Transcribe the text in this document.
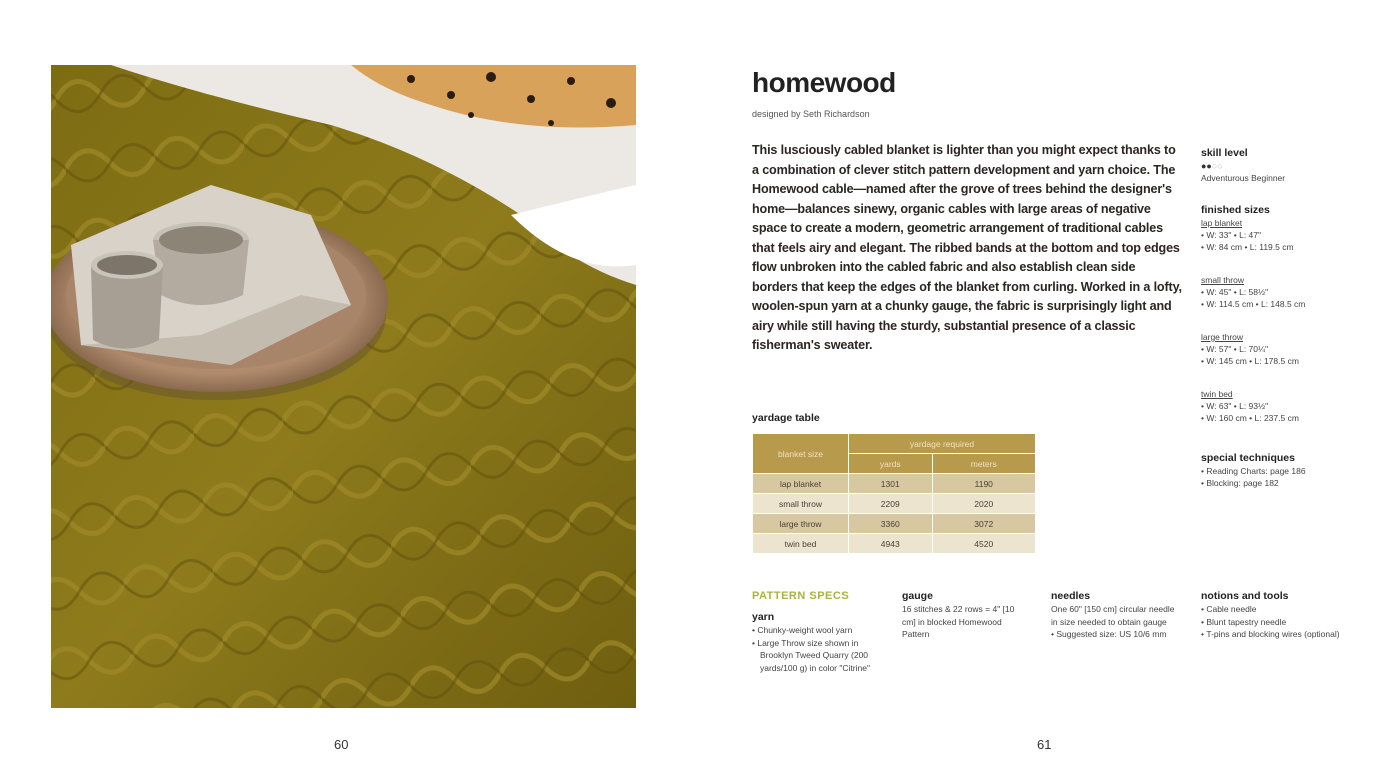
60
homewood
designed by Seth Richardson

This lusciously cabled blanket is lighter than you might expect thanks to a combination of clever stitch pattern development and yarn choice. The Homewood cable—named after the grove of trees behind the designer's home—balances sinewy, organic cables with large areas of negative space to create a modern, geometric arrangement of traditional cables that feels airy and elegant. The ribbed bands at the bottom and top edges flow unbroken into the cabled fabric and also establish clean side borders that keep the edges of the blanket from curling. Worked in a lofty, woolen-spun yarn at a chunky gauge, the fabric is surprisingly light and airy while still having the sturdy, substantial presence of a classic fisherman's sweater.

skill level
●●○○
Adventurous Beginner
finished sizes
lap blanket
• W: 33" • L: 47"
• W: 84 cm • L: 119.5 cm
small throw
• W: 45" • L: 58½"
• W: 114.5 cm • L: 148.5 cm
large throw
• W: 57" • L: 70¼"
• W: 145 cm • L: 178.5 cm
twin bed
• W: 63" • L: 93½"
• W: 160 cm • L: 237.5 cm
special techniques
• Reading Charts: page 186
• Blocking: page 182
yardage table
blanket size	yardage required	
	yards	meters
lap blanket	1301	1190
small throw	2209	2020
large throw	3360	3072
twin bed	4943	4520
PATTERN SPECS
yarn
• Chunky-weight wool yarn
• Large Throw size shown in Brooklyn Tweed Quarry (200 yards/100 g) in color "Citrine"
gauge
16 stitches & 22 rows = 4" [10 cm] in blocked Homewood Pattern
needles
One 60" [150 cm] circular needle in size needed to obtain gauge
• Suggested size: US 10/6 mm
notions and tools
• Cable needle
• Blunt tapestry needle
• T-pins and blocking wires (optional)
61
